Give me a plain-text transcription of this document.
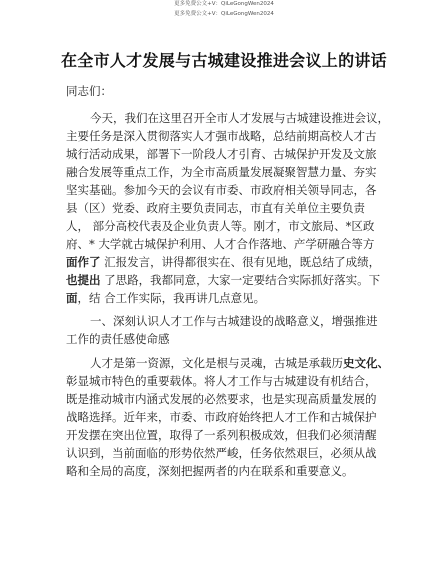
更多免费公文+V：QiLeGongWen2024
更多免费公文+V：QiLeGongWen2024
在全市人才发展与古城建设推进会议上的讲话
同志们：
今天，我们在这里召开全市人才发展与古城建设推进会议，
主要任务是深入贯彻落实人才强市战略，总结前期高校人才古
城行活动成果，部署下一阶段人才引育、古城保护开发及文旅
融合发展等重点工作，为全市高质量发展凝聚智慧力量、夯实
坚实基础。参加今天的会议有市委、市政府相关领导同志，各
县（区）党委、政府主要负责同志，市直有关单位主要负责
人， 部分高校代表及企业负责人等。刚才，市文旅局、*区政
府、* 大学就古城保护利用、人才合作落地、产学研融合等方
面作了 汇报发言，讲得都很实在、很有见地，既总结了成绩，
也提出 了思路，我都同意，大家一定要结合实际抓好落实。下
面，结 合工作实际，我再讲几点意见。
一、深刻认识人才工作与古城建设的战略意义，增强推进
工作的责任感使命感
人才是第一资源，文化是根与灵魂，古城是承载历史文化、
彰显城市特色的重要载体。将人才工作与古城建设有机结合，
既是推动城市内涵式发展的必然要求，也是实现高质量发展的
战略选择。近年来，市委、市政府始终把人才工作和古城保护
开发摆在突出位置，取得了一系列积极成效，但我们必须清醒
认识到，当前面临的形势依然严峻，任务依然艰巨，必须从战
略和全局的高度，深刻把握两者的内在联系和重要意义。
